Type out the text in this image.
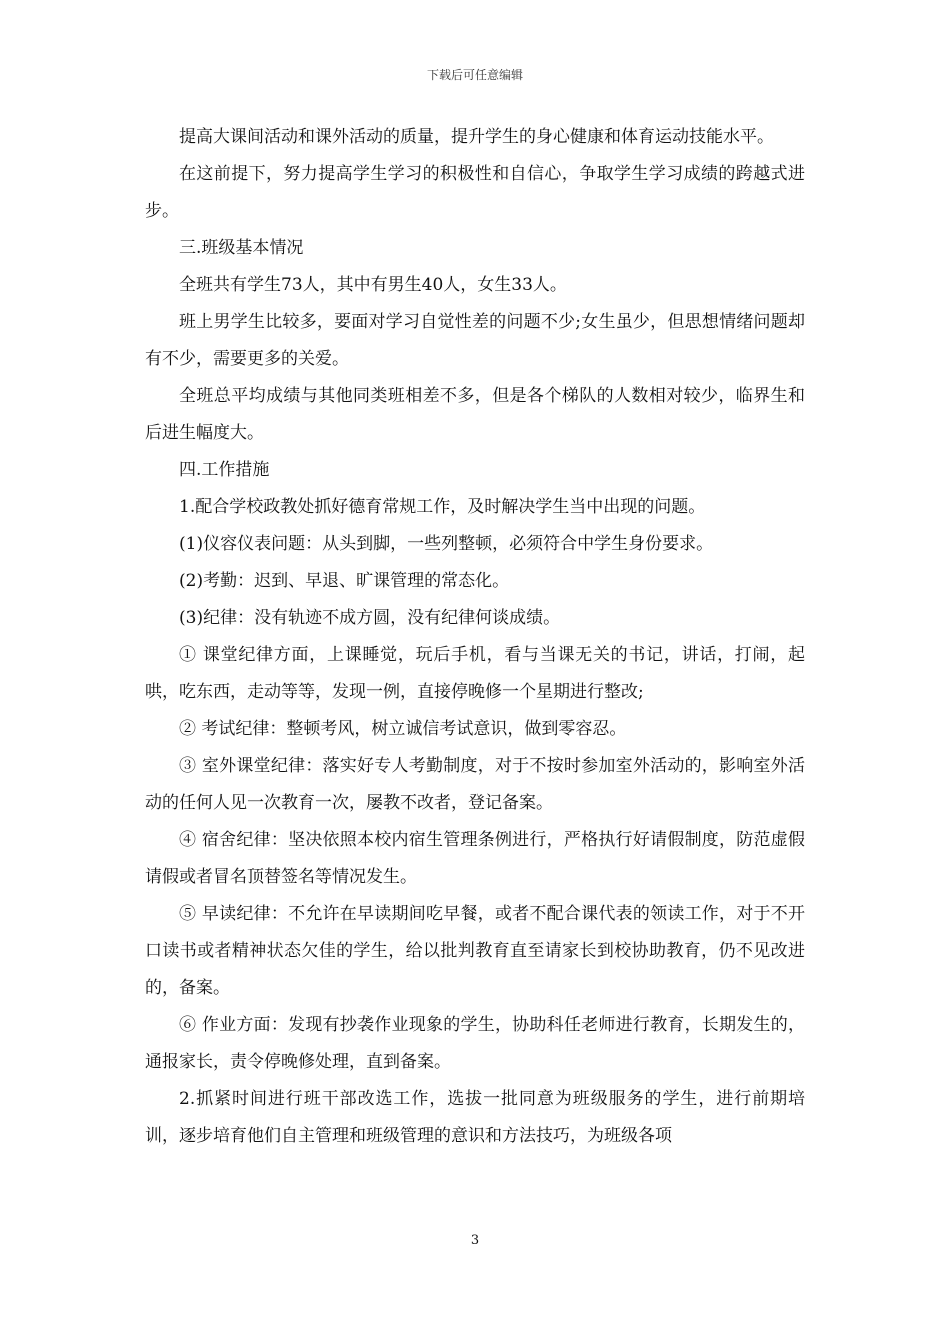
下载后可任意编辑

提高大课间活动和课外活动的质量，提升学生的身心健康和体育运动技能水平。

在这前提下，努力提高学生学习的积极性和自信心，争取学生学习成绩的跨越式进步。

三.班级基本情况

全班共有学生73人，其中有男生40人，女生33人。

班上男学生比较多，要面对学习自觉性差的问题不少;女生虽少，但思想情绪问题却有不少，需要更多的关爱。

全班总平均成绩与其他同类班相差不多，但是各个梯队的人数相对较少，临界生和后进生幅度大。

四.工作措施

1.配合学校政教处抓好德育常规工作，及时解决学生当中出现的问题。

(1)仪容仪表问题：从头到脚，一些列整顿，必须符合中学生身份要求。

(2)考勤：迟到、早退、旷课管理的常态化。

(3)纪律：没有轨迹不成方圆，没有纪律何谈成绩。

① 课堂纪律方面，上课睡觉，玩后手机，看与当课无关的书记，讲话，打闹，起哄，吃东西，走动等等，发现一例，直接停晚修一个星期进行整改;

② 考试纪律：整顿考风，树立诚信考试意识，做到零容忍。

③ 室外课堂纪律：落实好专人考勤制度，对于不按时参加室外活动的，影响室外活动的任何人见一次教育一次，屡教不改者，登记备案。

④ 宿舍纪律：坚决依照本校内宿生管理条例进行，严格执行好请假制度，防范虚假请假或者冒名顶替签名等情况发生。

⑤ 早读纪律：不允许在早读期间吃早餐，或者不配合课代表的领读工作，对于不开口读书或者精神状态欠佳的学生，给以批判教育直至请家长到校协助教育，仍不见改进的，备案。

⑥ 作业方面：发现有抄袭作业现象的学生，协助科任老师进行教育，长期发生的，通报家长，责令停晚修处理，直到备案。

2.抓紧时间进行班干部改选工作，选拔一批同意为班级服务的学生，进行前期培训，逐步培育他们自主管理和班级管理的意识和方法技巧，为班级各项

3
